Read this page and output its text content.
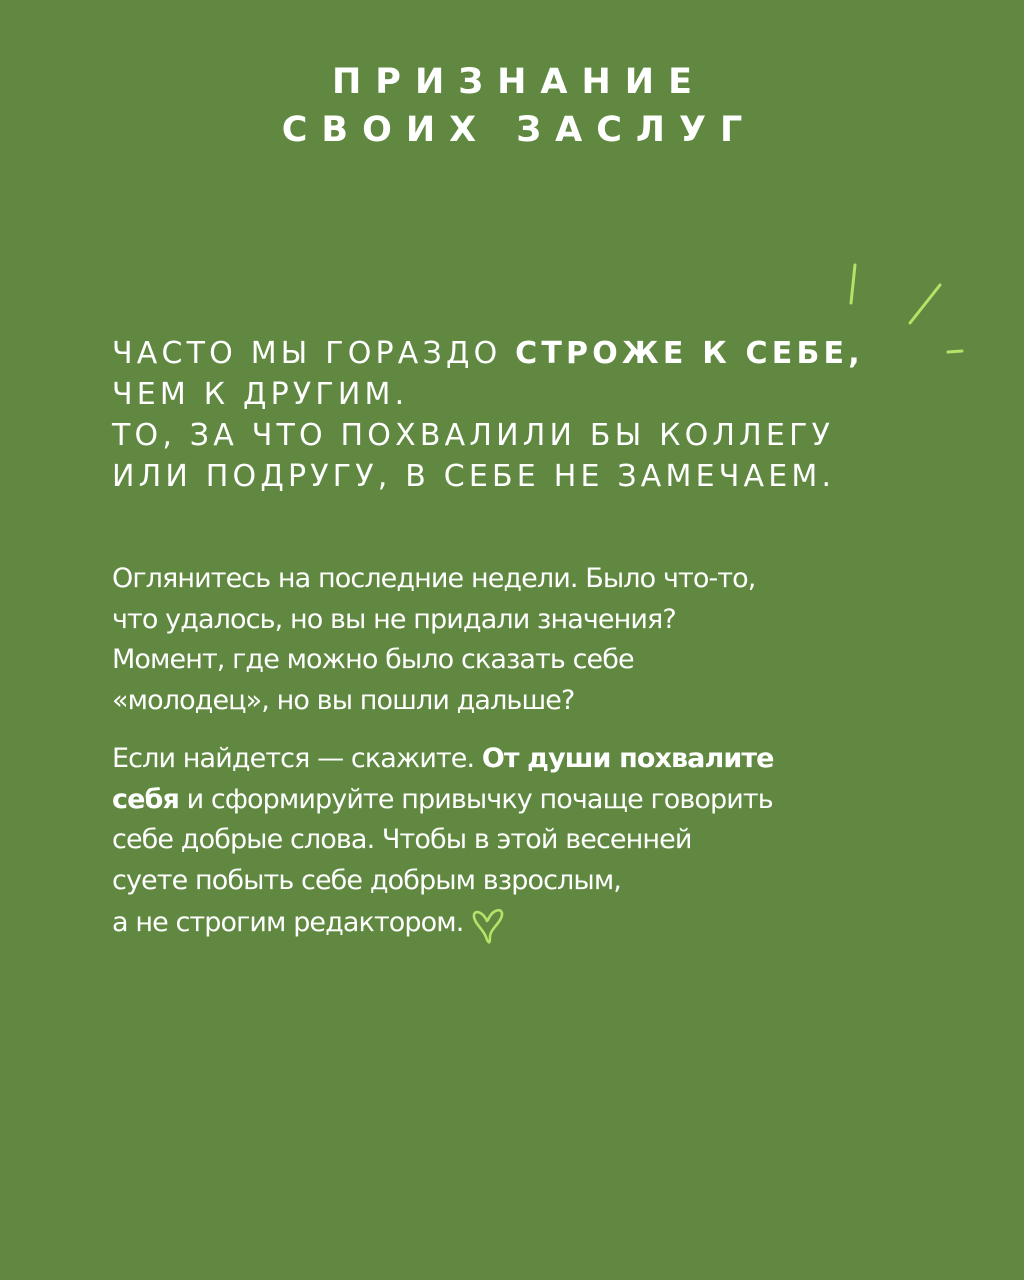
ПРИЗНАНИЕ
СВОИХ ЗАСЛУГ
ЧАСТО МЫ ГОРАЗДО СТРОЖЕ К СЕБЕ,
ЧЕМ К ДРУГИМ.
ТО, ЗА ЧТО ПОХВАЛИЛИ БЫ КОЛЛЕГУ
ИЛИ ПОДРУГУ, В СЕБЕ НЕ ЗАМЕЧАЕМ.
Оглянитесь на последние недели. Было что-то,
что удалось, но вы не придали значения?
Момент, где можно было сказать себе
«молодец», но вы пошли дальше?
Если найдется — скажите. От души похвалите
себя и сформируйте привычку почаще говорить
себе добрые слова. Чтобы в этой весенней
суете побыть себе добрым взрослым,
а не строгим редактором.
